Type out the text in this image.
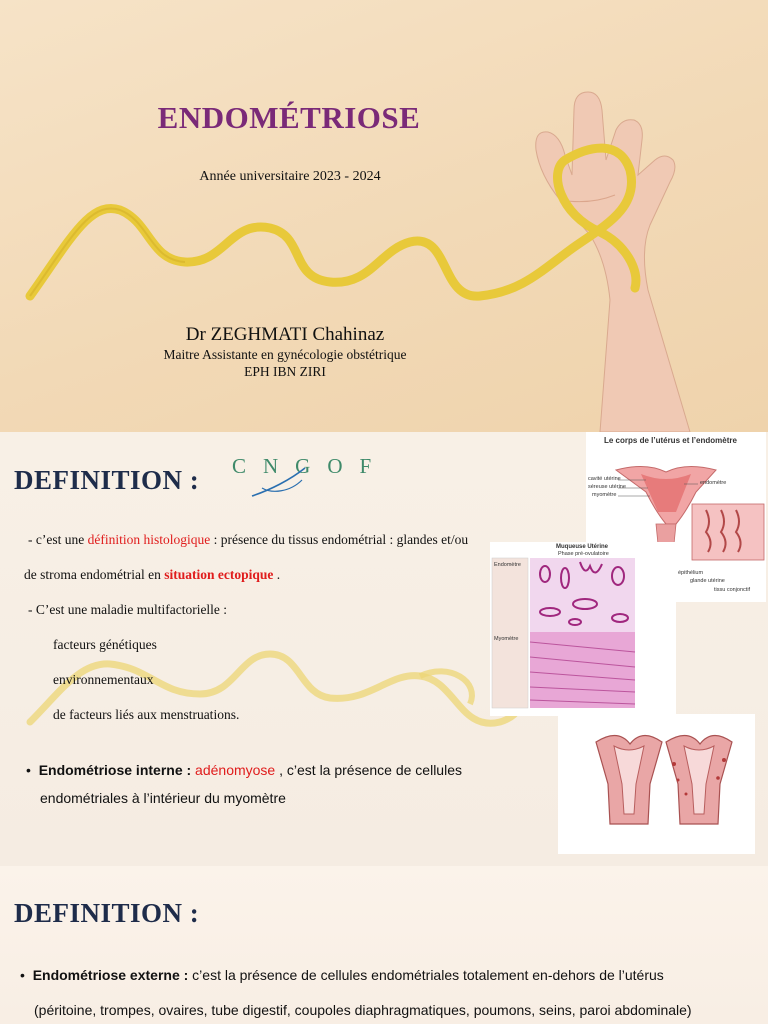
ENDOMÉTRIOSE
Année universitaire 2023 - 2024
Dr ZEGHMATI Chahinaz
Maitre Assistante en gynécologie obstétrique
EPH IBN ZIRI
DEFINITION : CNGOF
- c’est une définition histologique : présence du tissus endométrial : glandes et/ou
de stroma endométrial en situation ectopique .
- C’est une maladie multifactorielle :
facteurs génétiques
environnementaux
de facteurs liés aux menstruations.
•  Endométriose interne : adénomyose , c’est la présence de cellules
endométriales à l’intérieur du myomètre
Le corps de l’utérus et l’endomètre
cavité utérine
séreuse utérine
myomètre
endomètre
épithélium
glande utérine
tissu conjonctif
Muqueuse Utérine
Phase pré-ovulatoire
Endomètre
Myomètre
DEFINITION :
•  Endométriose externe : c’est la présence de cellules endométriales totalement en-dehors de l’utérus
(péritoine, trompes, ovaires, tube digestif, coupoles diaphragmatiques, poumons, seins, paroi abdominale)
